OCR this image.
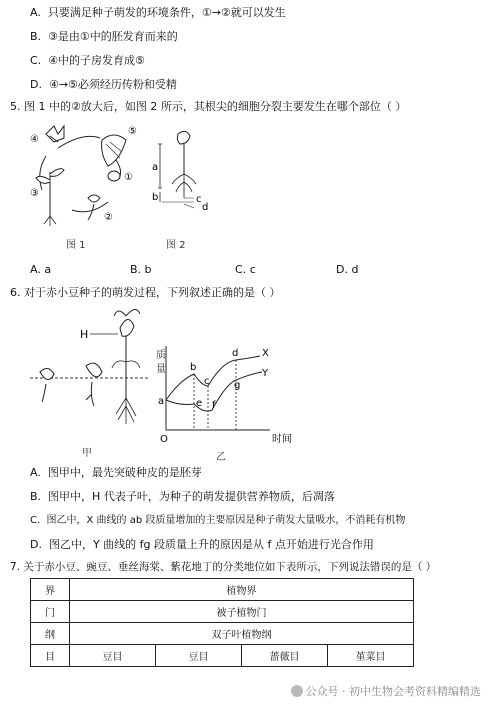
A. 只要满足种子萌发的环境条件，①→②就可以发生
B. ③是由①中的胚发育而来的
C. ④中的子房发育成⑤
D. ④→⑤必须经历传粉和受精
5. 图 1 中的②放大后，如图 2 所示，其根尖的细胞分裂主要发生在哪个部位（ ）
④
⑤
③
①
②
图 1
a
b	c
d
图 2
A. a	B. b	C. c	D. d
6. 对于赤小豆种子的萌发过程，下列叙述正确的是（ ）
H
甲
a
b
c
d
e f
g
X
Y
O	时间
质
量
乙
A. 图甲中，最先突破种皮的是胚芽
B. 图甲中，H 代表子叶，为种子的萌发提供营养物质，后凋落
C. 图乙中，X 曲线的 ab 段质量增加的主要原因是种子萌发大量吸水，不消耗有机物
D. 图乙中，Y 曲线的 fg 段质量上升的原因是从 f 点开始进行光合作用
7. 关于赤小豆、豌豆、垂丝海棠、紫花地丁的分类地位如下表所示，下列说法错误的是（ ）
界	植物界			
门	被子植物门			
纲	双子叶植物纲			
目	豆目	豆目	蔷薇目	堇菜目
公众号 · 初中生物会考资料精编精选
